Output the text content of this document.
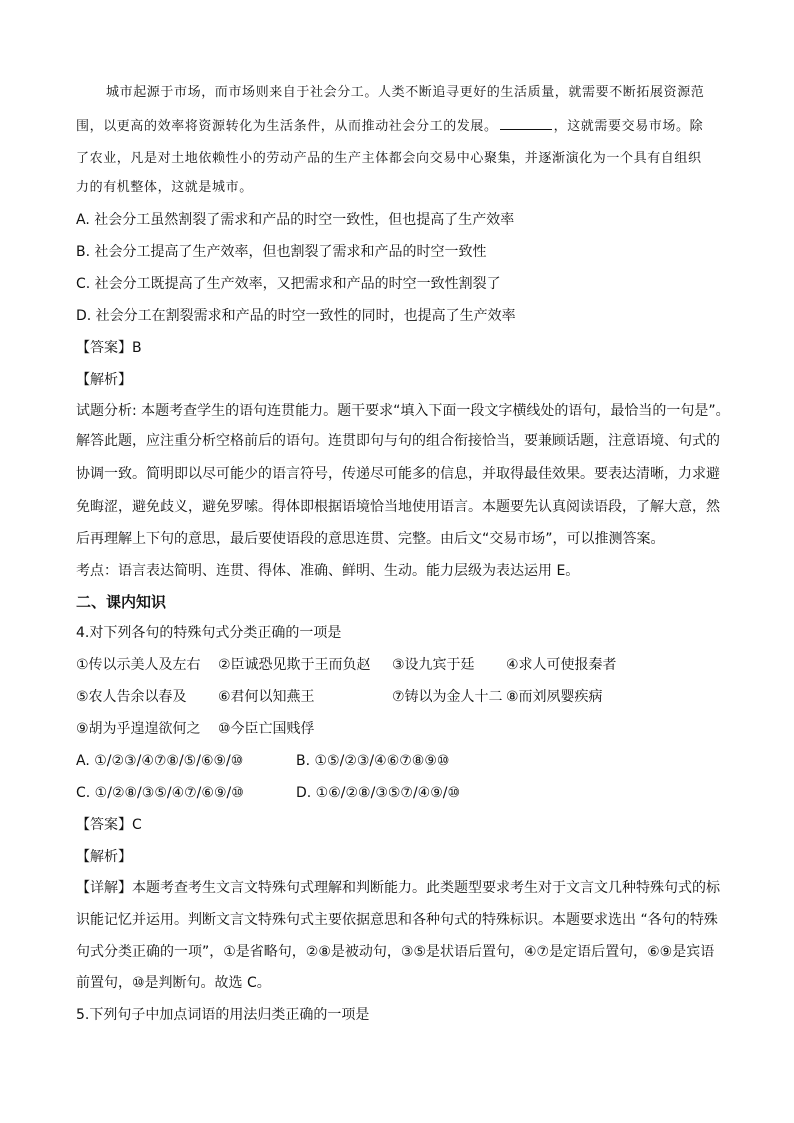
城市起源于市场，而市场则来自于社会分工。人类不断追寻更好的生活质量，就需要不断拓展资源范
围，以更高的效率将资源转化为生活条件，从而推动社会分工的发展。	，这就需要交易市场。除
了农业，凡是对土地依赖性小的劳动产品的生产主体都会向交易中心聚集，并逐渐演化为一个具有自组织
力的有机整体，这就是城市。
A. 社会分工虽然割裂了需求和产品的时空一致性，但也提高了生产效率
B. 社会分工提高了生产效率，但也割裂了需求和产品的时空一致性
C. 社会分工既提高了生产效率，又把需求和产品的时空一致性割裂了
D. 社会分工在割裂需求和产品的时空一致性的同时，也提高了生产效率
【答案】B
【解析】
试题分析: 本题考查学生的语句连贯能力。题干要求“填入下面一段文字横线处的语句，最恰当的一句是”。
解答此题，应注重分析空格前后的语句。连贯即句与句的组合衔接恰当，要兼顾话题，注意语境、句式的
协调一致。简明即以尽可能少的语言符号，传递尽可能多的信息，并取得最佳效果。要表达清晰，力求避
免晦涩，避免歧义，避免罗嗦。得体即根据语境恰当地使用语言。本题要先认真阅读语段，了解大意，然
后再理解上下句的意思，最后要使语段的意思连贯、完整。由后文“交易市场”，可以推测答案。
考点：语言表达简明、连贯、得体、准确、鲜明、生动。能力层级为表达运用 E。
二、课内知识
4.对下列各句的特殊句式分类正确的一项是
①传以示美人及左右 ②臣诚恐见欺于王而负赵 ③设九宾于廷 ④求人可使报秦者
⑤农人告余以春及 ⑥君何以知燕王	⑦铸以为金人十二 ⑧而刘夙婴疾病
⑨胡为乎遑遑欲何之 ⑩今臣亡国贱俘
A. ①/②③/④⑦⑧/⑤/⑥⑨/⑩	B. ①⑤/②③/④⑥⑦⑧⑨⑩
C. ①/②⑧/③⑤/④⑦/⑥⑨/⑩	D. ①⑥/②⑧/③⑤⑦/④⑨/⑩
【答案】C
【解析】
【详解】本题考查考生文言文特殊句式理解和判断能力。此类题型要求考生对于文言文几种特殊句式的标
识能记忆并运用。判断文言文特殊句式主要依据意思和各种句式的特殊标识。本题要求选出 “各句的特殊
句式分类正确的一项”，①是省略句，②⑧是被动句，③⑤是状语后置句，④⑦是定语后置句，⑥⑨是宾语
前置句，⑩是判断句。故选 C。
5.下列句子中加点词语的用法归类正确的一项是
